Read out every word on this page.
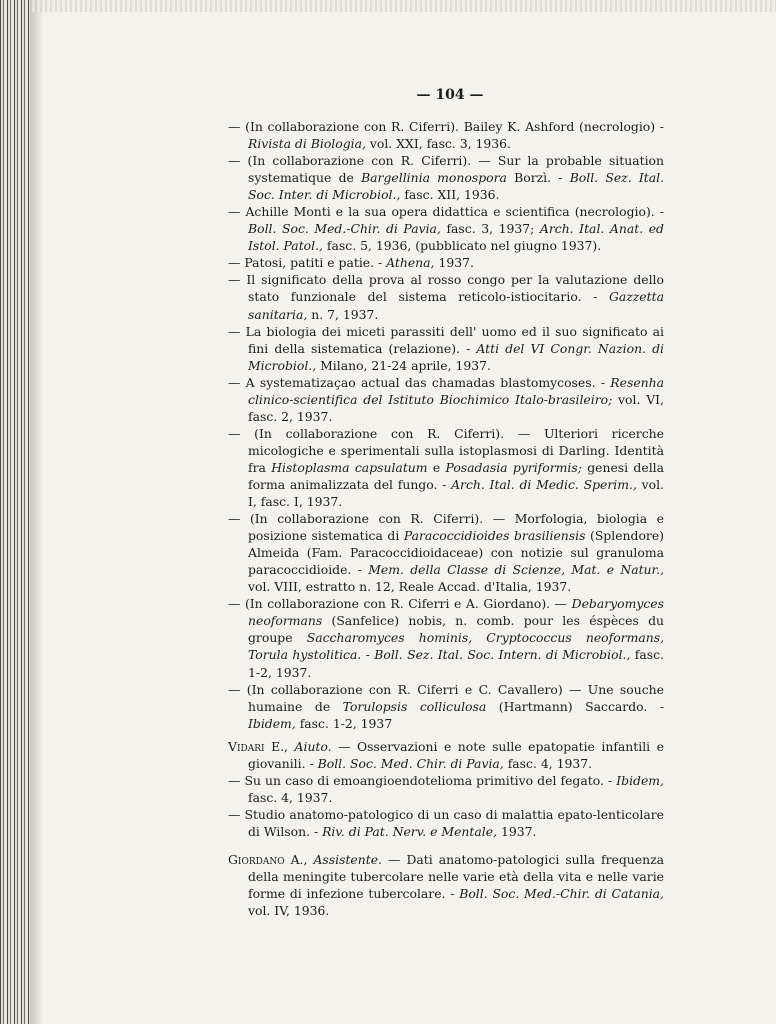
— 104 —

— (In collaborazione con R. Ciferri). Bailey K. Ashford (necrologio) - Rivista di Biologia, vol. XXI, fasc. 3, 1936.

— (In collaborazione con R. Ciferri). — Sur la probable situation systematique de Bargellinia monospora Borzì. - Boll. Sez. Ital. Soc. Inter. di Microbiol., fasc. XII, 1936.

— Achille Monti e la sua opera didattica e scientifica (necrologio). - Boll. Soc. Med.-Chir. di Pavia, fasc. 3, 1937; Arch. Ital. Anat. ed Istol. Patol., fasc. 5, 1936, (pubblicato nel giugno 1937).

— Patosi, patiti e patie. - Athena, 1937.

— Il significato della prova al rosso congo per la valutazione dello stato funzionale del sistema reticolo-istiocitario. - Gazzetta sanitaria, n. 7, 1937.

— La biologia dei miceti parassiti dell' uomo ed il suo significato ai fini della sistematica (relazione). - Atti del VI Congr. Nazion. di Microbiol., Milano, 21-24 aprile, 1937.

— A systematizaçao actual das chamadas blastomycoses. - Resenha clinico-scientifica del Istituto Biochimico Italo-brasileiro; vol. VI, fasc. 2, 1937.

— (In collaborazione con R. Ciferri). — Ulteriori ricerche micologiche e sperimentali sulla istoplasmosi di Darling. Identità fra Histoplasma capsulatum e Posadasia pyriformis; genesi della forma animalizzata del fungo. - Arch. Ital. di Medic. Sperim., vol. I, fasc. I, 1937.

— (In collaborazione con R. Ciferri). — Morfologia, biologia e posizione sistematica di Paracoccidioides brasiliensis (Splendore) Almeida (Fam. Paracoccidioidaceae) con notizie sul granuloma paracoccidioide. - Mem. della Classe di Scienze, Mat. e Natur., vol. VIII, estratto n. 12, Reale Accad. d'Italia, 1937.

— (In collaborazione con R. Ciferri e A. Giordano). — Debaryomyces neoformans (Sanfelice) nobis, n. comb. pour les éspèces du groupe Saccharomyces hominis, Cryptococcus neoformans, Torula hystolitica. - Boll. Sez. Ital. Soc. Intern. di Microbiol., fasc. 1-2, 1937.

— (In collaborazione con R. Ciferri e C. Cavallero) — Une souche humaine de Torulopsis colliculosa (Hartmann) Saccardo. - Ibidem, fasc. 1-2, 1937

Vidari E., Aiuto. — Osservazioni e note sulle epatopatie infantili e giovanili. - Boll. Soc. Med. Chir. di Pavia, fasc. 4, 1937.

— Su un caso di emoangioendotelioma primitivo del fegato. - Ibidem, fasc. 4, 1937.

— Studio anatomo-patologico di un caso di malattia epato-lenticolare di Wilson. - Riv. di Pat. Nerv. e Mentale, 1937.

Giordano A., Assistente. — Dati anatomo-patologici sulla frequenza della meningite tubercolare nelle varie età della vita e nelle varie forme di infezione tubercolare. - Boll. Soc. Med.-Chir. di Catania, vol. IV, 1936.
